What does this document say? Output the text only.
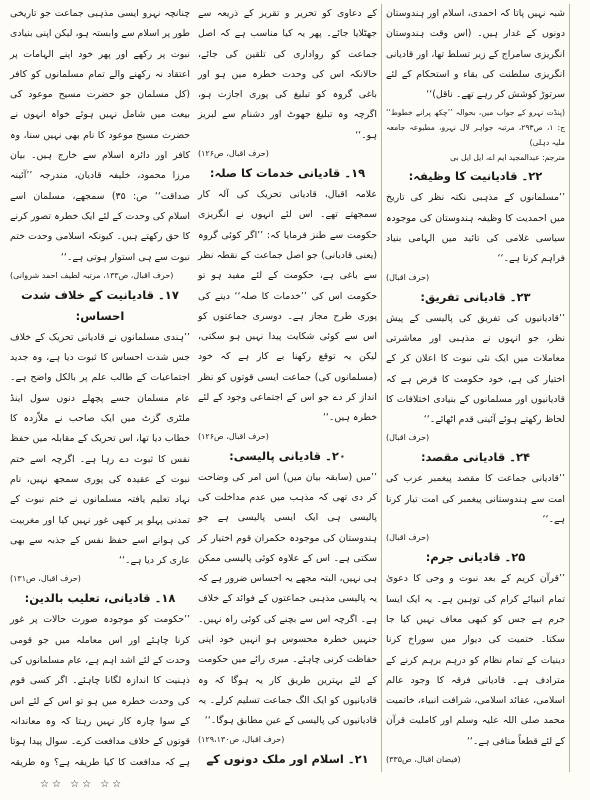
چنانچہ نہرو ایسی مذہبی جماعت جو تاریخی طور پر اسلام سے وابستہ ہو، لیکن اپنی بنیادی نبوت پر رکھے اور پھر خود اپنے الہامات پر اعتقاد نہ رکھنے والے تمام مسلمانوں کو کافر (کل مسلمان جو حضرت مسیح موعود کی بیعت میں شامل نہیں ہوئے خواہ انہوں نے حضرت مسیح موعود کا نام بھی نہیں سنا، وہ کافر اور دائرہ اسلام سے خارج ہیں۔ بیان مرزا محمود، خلیفہ قادیان، مندرجہ ’’آئینہ صداقت‘‘ ص: ۳۵) سمجھے، مسلمان اسے اسلام کی وحدت کے لئے ایک خطرہ تصور کرنے کا حق رکھتے ہیں۔ کیونکہ اسلامی وحدت ختم نبوت سے ہی استوار ہوتی ہے۔‘‘
(حرف اقبال، ص۱۳۳، مرتبہ لطیف احمد شروانی)
۱۷۔ قادیانیت کے خلاف شدت احساس:
’’ہندی مسلمانوں نے قادیانی تحریک کے خلاف جس شدت احساس کا ثبوت دیا ہے، وہ جدید اجتماعیات کے طالب علم پر بالکل واضح ہے۔ عام مسلمان جسے پچھلے دنوں سول اینڈ ملٹری گزٹ میں ایک صاحب نے ملاّزدہ کا خطاب دیا تھا، اس تحریک کے مقابلہ میں حفظ نفس کا ثبوت دے رہا ہے۔ اگرچہ اسے ختم نبوت کے عقیدہ کی پوری سمجھ نہیں، نام نہاد تعلیم یافتہ مسلمانوں نے ختم نبوت کے تمدنی پہلو پر کبھی غور نہیں کیا اور مغربیت کی ہوانے اسے حفظ نفس کے جذبہ سے بھی عاری کر دیا ہے۔‘‘
(حرف اقبال، ص۱۳۱)
۱۸۔ قادیانی، تعلیب بالدین:
’’حکومت کو موجودہ صورت حالات پر غور کرنا چاہئے اور اس معاملہ میں جو قومی وحدت کے لئے اشد اہم ہے، عام مسلمانوں کی ذہنیت کا اندازہ لگانا چاہئے۔ اگر کسی قوم کی وحدت خطرہ میں ہو تو اس کے لئے اس کے سوا چارہ کار نہیں رہتا کہ وہ معاندانہ قوتوں کے خلاف مدافعت کرے۔ سوال پیدا ہوتا ہے کہ مدافعت کا کیا طریقہ ہے؟ وہ طریقہ
کے دعاوی کو تحریر و تقریر کے ذریعہ سے جھٹلایا جائے۔ پھر یہ کیا مناسب ہے کہ اصل جماعت کو رواداری کی تلقین کی جائے، حالانکہ اس کی وحدت خطرہ میں ہو اور باغی گروہ کو تبلیغ کی پوری اجازت ہو، اگرچہ وہ تبلیغ جھوٹ اور دشنام سے لبریز ہو۔‘‘
(حرف اقبال، ص۱۲۶)
۱۹۔ قادیانی خدمات کا صلہ:
علامہ اقبال، قادیانی تحریک کی آلہ کار سمجھتے تھے۔ اس لئے انہوں نے انگریزی حکومت سے طنز فرمایا کہ: ’’اگر کوئی گروہ (یعنی قادیانی) جو اصل جماعت کے نقطہ نظر سے باغی ہے، حکومت کے لئے مفید ہو تو حکومت اس کی ’’خدمات کا صلہ‘‘ دینے کی پوری طرح مجاز ہے۔ دوسری جماعتوں کو اس سے کوئی شکایت پیدا نہیں ہو سکتی، لیکن یہ توقع رکھنا بے کار ہے کہ خود (مسلمانوں کی) جماعت ایسی قوتوں کو نظر انداز کر دے جو اس کے اجتماعی وجود کے لئے خطرہ ہیں۔‘‘
(حرف اقبال، ص۱۲۶)
۲۰۔ قادیانی پالیسی:
’’میں (سابقہ بیان میں) اس امر کی وضاحت کر دی تھی کہ مذہب میں عدم مداخلت کی پالیسی ہی ایک ایسی پالیسی ہے جو ہندوستان کی موجودہ حکمران قوم اختیار کر سکتی ہے۔ اس کے علاوہ کوئی پالیسی ممکن ہی نہیں، البتہ مجھے یہ احساس ضرور ہے کہ یہ پالیسی مذہبی جماعتوں کے فوائد کے خلاف ہے۔ اگرچہ اس سے بچنے کی کوئی راہ نہیں۔ جنہیں خطرہ محسوس ہو انہیں خود اپنی حفاظت کرنی چاہئے۔ میری رائے میں حکومت کے لئے بہترین طریق کار یہ ہوگا کہ وہ قادیانیوں کو ایک الگ جماعت تسلیم کرلے۔ یہ قادیانیوں کی پالیسی کے عین مطابق ہوگا۔‘‘
(حرف اقبال، ص۱۲۹،۱۳۰)
۲۱۔ اسلام اور ملک دونوں کے
شبہ نہیں پاتا کہ احمدی، اسلام اور ہندوستان دونوں کے غدار ہیں۔ (اس وقت ہندوستان انگریزی سامراج کے زیر تسلط تھا، اور قادیانی انگریزی سلطنت کی بقاء و استحکام کے لئے سرتوڑ کوشش کر رہے تھے۔ ناقل)‘‘
(پنڈت نہرو کے جواب میں، بحوالہ ’’چکھ پرانے خطوط‘‘ ج: ۱، ص۲۹۳، مرتبہ جواہر لال نہرو، مطبوعہ جامعہ ملیہ دہلی)
مترجم: عبدالمجید ایم اے، ایل ایل بی
۲۲۔ قادیانیت کا وظیفہ:
’’مسلمانوں کے مذہبی نکتہ نظر کی تاریخ میں احمدیت کا وظیفہ ہندوستان کی موجودہ سیاسی غلامی کی تائید میں الہامی بنیاد فراہم کرنا ہے۔‘‘
(حرف اقبال)
۲۳۔ قادیانی تفریق:
’’قادیانیوں کی تفریق کی پالیسی کے پیش نظر، جو انہوں نے مذہبی اور معاشرتی معاملات میں ایک نئی نبوت کا اعلان کر کے اختیار کی ہے، خود حکومت کا فرض ہے کہ قادیانیوں اور مسلمانوں کے بنیادی اختلافات کا لحاظ رکھتے ہوئے آئینی قدم اٹھائے۔‘‘
(حرف اقبال)
۲۴۔ قادیانی مقصد:
’’قادیانی جماعت کا مقصد پیغمبر عرب کی امت سے ہندوستانی پیغمبر کی امت تیار کرنا ہے۔‘‘
(حرف اقبال)
۲۵۔ قادیانی جرم:
’’قرآن کریم کے بعد نبوت و وحی کا دعویٰ تمام انبیائے کرام کی توہین ہے۔ یہ ایک ایسا جرم ہے جس کو کبھی معاف نہیں کیا جا سکتا۔ ختمیت کی دیوار میں سوراخ کرنا دینیات کے تمام نظام کو درہم برہم کرنے کے مترادف ہے۔ قادیانی فرقہ کا وجود عالم اسلامی، عقائد اسلامی، شرافت انبیاء، خاتمیت محمد صلی اللہ علیہ وسلم اور کاملیت قرآن کے لئے قطعاً منافی ہے۔‘‘
(فیضان اقبال، ص۳۳۵)
☆☆ ☆☆ ☆☆
